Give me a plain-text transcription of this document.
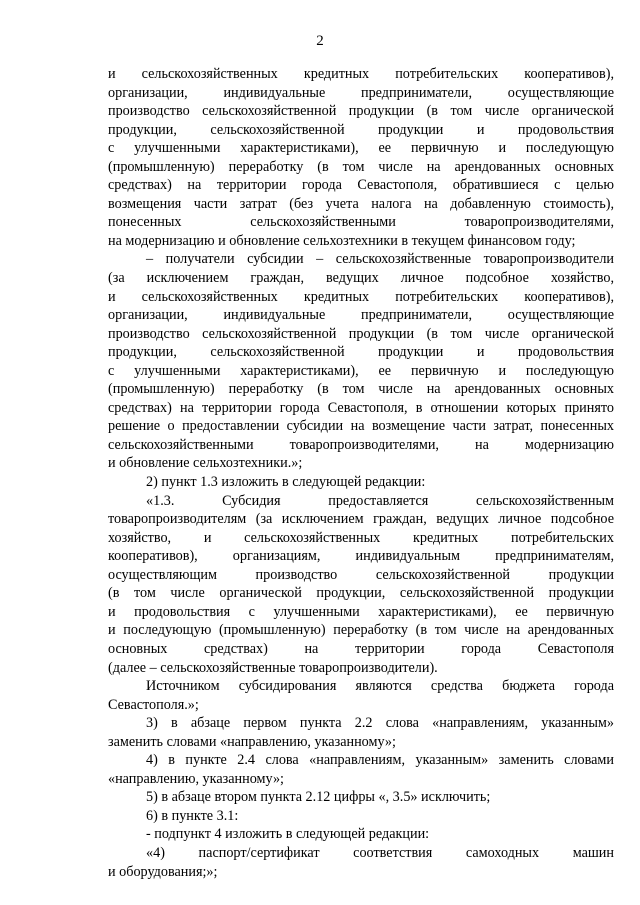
2
и сельскохозяйственных кредитных потребительских кооперативов),
организации, индивидуальные предприниматели, осуществляющие
производство сельскохозяйственной продукции (в том числе органической
продукции, сельскохозяйственной продукции и продовольствия
с улучшенными характеристиками), ее первичную и последующую
(промышленную) переработку (в том числе на арендованных основных
средствах) на территории города Севастополя, обратившиеся с целью
возмещения части затрат (без учета налога на добавленную стоимость),
понесенных сельскохозяйственными товаропроизводителями,
на модернизацию и обновление сельхозтехники в текущем финансовом году;
– получатели субсидии – сельскохозяйственные товаропроизводители
(за исключением граждан, ведущих личное подсобное хозяйство,
и сельскохозяйственных кредитных потребительских кооперативов),
организации, индивидуальные предприниматели, осуществляющие
производство сельскохозяйственной продукции (в том числе органической
продукции, сельскохозяйственной продукции и продовольствия
с улучшенными характеристиками), ее первичную и последующую
(промышленную) переработку (в том числе на арендованных основных
средствах) на территории города Севастополя, в отношении которых принято
решение о предоставлении субсидии на возмещение части затрат, понесенных
сельскохозяйственными товаропроизводителями, на модернизацию
и обновление сельхозтехники.»;
2) пункт 1.3 изложить в следующей редакции:
«1.3. Субсидия предоставляется сельскохозяйственным
товаропроизводителям (за исключением граждан, ведущих личное подсобное
хозяйство, и сельскохозяйственных кредитных потребительских
кооперативов), организациям, индивидуальным предпринимателям,
осуществляющим производство сельскохозяйственной продукции
(в том числе органической продукции, сельскохозяйственной продукции
и продовольствия с улучшенными характеристиками), ее первичную
и последующую (промышленную) переработку (в том числе на арендованных
основных средствах) на территории города Севастополя
(далее – сельскохозяйственные товаропроизводители).
Источником субсидирования являются средства бюджета города
Севастополя.»;
3) в абзаце первом пункта 2.2 слова «направлениям, указанным»
заменить словами «направлению, указанному»;
4) в пункте 2.4 слова «направлениям, указанным» заменить словами
«направлению, указанному»;
5) в абзаце втором пункта 2.12 цифры «, 3.5» исключить;
6) в пункте 3.1:
- подпункт 4 изложить в следующей редакции:
«4) паспорт/сертификат соответствия самоходных машин
и оборудования;»;
